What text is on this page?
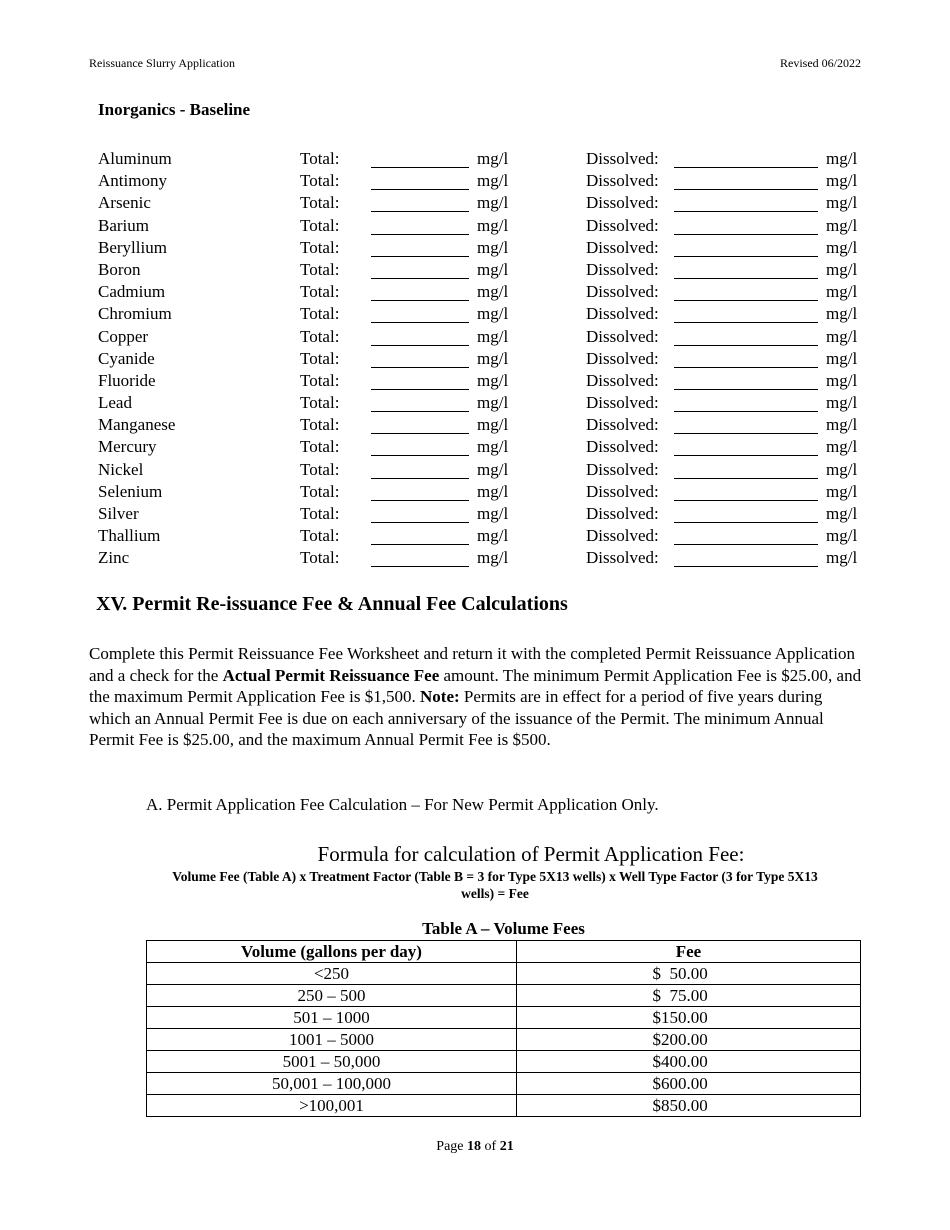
Reissuance Slurry Application	Revised 06/2022
Inorganics - Baseline
Aluminum	Total:	mg/l	Dissolved:	mg/l
Antimony	Total:	mg/l	Dissolved:	mg/l
Arsenic	Total:	mg/l	Dissolved:	mg/l
Barium	Total:	mg/l	Dissolved:	mg/l
Beryllium	Total:	mg/l	Dissolved:	mg/l
Boron	Total:	mg/l	Dissolved:	mg/l
Cadmium	Total:	mg/l	Dissolved:	mg/l
Chromium	Total:	mg/l	Dissolved:	mg/l
Copper	Total:	mg/l	Dissolved:	mg/l
Cyanide	Total:	mg/l	Dissolved:	mg/l
Fluoride	Total:	mg/l	Dissolved:	mg/l
Lead	Total:	mg/l	Dissolved:	mg/l
Manganese	Total:	mg/l	Dissolved:	mg/l
Mercury	Total:	mg/l	Dissolved:	mg/l
Nickel	Total:	mg/l	Dissolved:	mg/l
Selenium	Total:	mg/l	Dissolved:	mg/l
Silver	Total:	mg/l	Dissolved:	mg/l
Thallium	Total:	mg/l	Dissolved:	mg/l
Zinc	Total:	mg/l	Dissolved:	mg/l
XV. Permit Re-issuance Fee & Annual Fee Calculations
Complete this Permit Reissuance Fee Worksheet and return it with the completed Permit Reissuance Application and a check for the Actual Permit Reissuance Fee amount. The minimum Permit Application Fee is $25.00, and the maximum Permit Application Fee is $1,500. Note: Permits are in effect for a period of five years during which an Annual Permit Fee is due on each anniversary of the issuance of the Permit. The minimum Annual Permit Fee is $25.00, and the maximum Annual Permit Fee is $500.
A. Permit Application Fee Calculation – For New Permit Application Only.
Formula for calculation of Permit Application Fee:
Volume Fee (Table A) x Treatment Factor (Table B = 3 for Type 5X13 wells) x Well Type Factor (3 for Type 5X13 wells) = Fee
Table A – Volume Fees
Volume (gallons per day)	Fee
<250	$  50.00
250 – 500	$  75.00
501 – 1000	$150.00
1001 – 5000	$200.00
5001 – 50,000	$400.00
50,001 – 100,000	$600.00
>100,001	$850.00
Page 18 of 21
